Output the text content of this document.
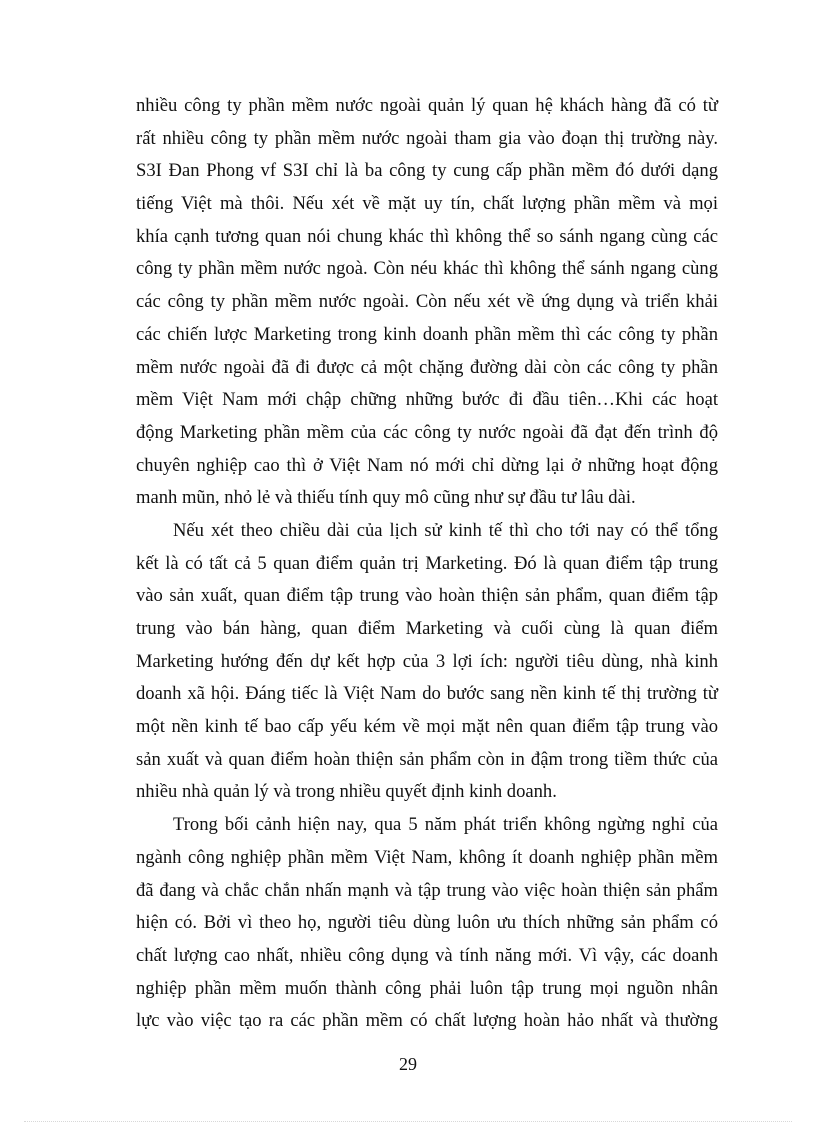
nhiều công ty phần mềm nước ngoài quản lý quan hệ khách hàng đã có từ
rất nhiều công ty phần mềm nước ngoài tham gia vào đoạn thị trường này.
S3I Đan Phong vf S3I chỉ là ba công ty cung cấp phần mềm đó dưới dạng
tiếng Việt mà thôi. Nếu xét về mặt uy tín, chất lượng phần mềm và mọi
khía cạnh tương quan nói chung khác thì không thể so sánh ngang cùng các
công ty phần mềm nước ngoà. Còn néu khác thì không thể sánh ngang cùng
các công ty phần mềm nước ngoài. Còn nếu xét về ứng dụng và triển khải
các chiến lược Marketing trong kinh doanh phần mềm thì các công ty phần
mềm nước ngoài đã đi được cả một chặng đường dài còn các công ty phần
mềm Việt Nam mới chập chững những bước đi đầu tiên…Khi các hoạt
động Marketing phần mềm của các công ty nước ngoài đã đạt đến trình độ
chuyên nghiệp cao thì ở Việt Nam nó mới chỉ dừng lại ở những hoạt động
manh mũn, nhỏ lẻ và thiếu tính quy mô cũng như sự đầu tư lâu dài.
Nếu xét theo chiều dài của lịch sử kinh tế thì cho tới nay có thể tổng
kết là có tất cả 5 quan điểm quản trị Marketing. Đó là quan điểm tập trung
vào sản xuất, quan điểm tập trung vào hoàn thiện sản phẩm, quan điểm tập
trung vào bán hàng, quan điểm Marketing và cuối cùng là quan điểm
Marketing hướng đến dự kết hợp của 3 lợi ích: người tiêu dùng, nhà kinh
doanh xã hội. Đáng tiếc là Việt Nam do bước sang nền kinh tế thị trường từ
một nền kinh tế bao cấp yếu kém về mọi mặt nên quan điểm tập trung vào
sản xuất và quan điểm hoàn thiện sản phẩm còn in đậm trong tiềm thức của
nhiều nhà quản lý và trong nhiều quyết định kinh doanh.
Trong bối cảnh hiện nay, qua 5 năm phát triển không ngừng nghỉ của
ngành công nghiệp phần mềm Việt Nam, không ít doanh nghiệp phần mềm
đã đang và chắc chắn nhấn mạnh và tập trung vào việc hoàn thiện sản phẩm
hiện có. Bởi vì theo họ, người tiêu dùng luôn ưu thích những sản phẩm có
chất lượng cao nhất, nhiều công dụng và tính năng mới. Vì vậy, các doanh
nghiệp phần mềm muốn thành công phải luôn tập trung mọi nguồn nhân
lực vào việc tạo ra các phần mềm có chất lượng hoàn hảo nhất và thường
29
